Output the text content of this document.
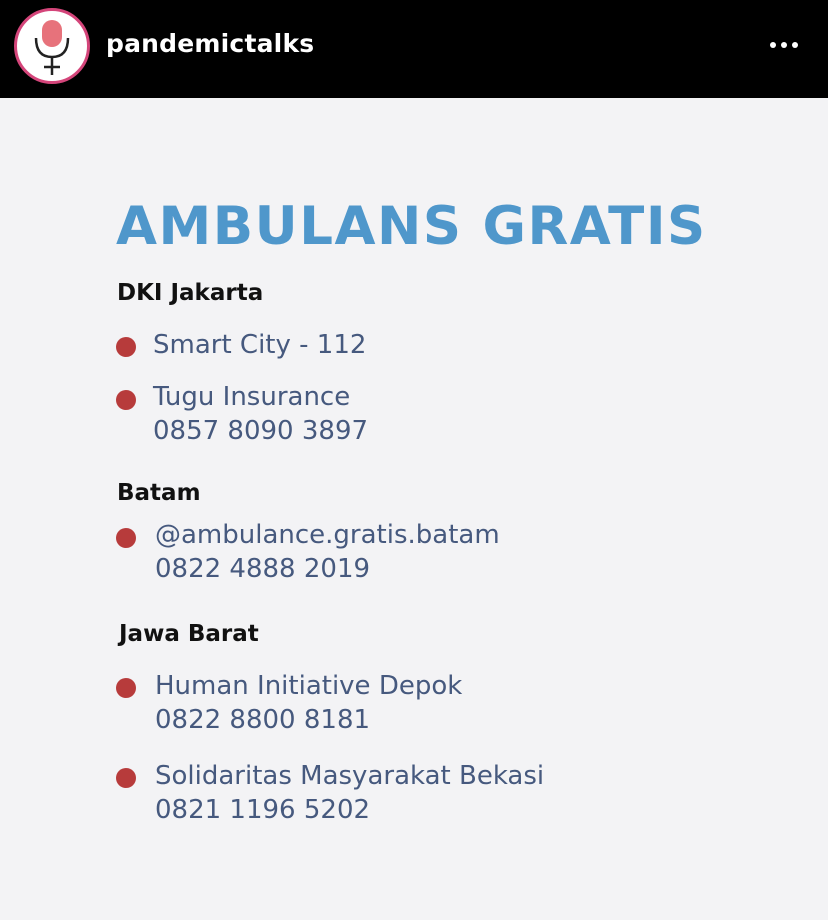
pandemictalks
AMBULANS GRATIS
DKI Jakarta
Smart City - 112
Tugu Insurance
0857 8090 3897
Batam
@ambulance.gratis.batam
0822 4888 2019
Jawa Barat
Human Initiative Depok
0822 8800 8181
Solidaritas Masyarakat Bekasi
0821 1196 5202
